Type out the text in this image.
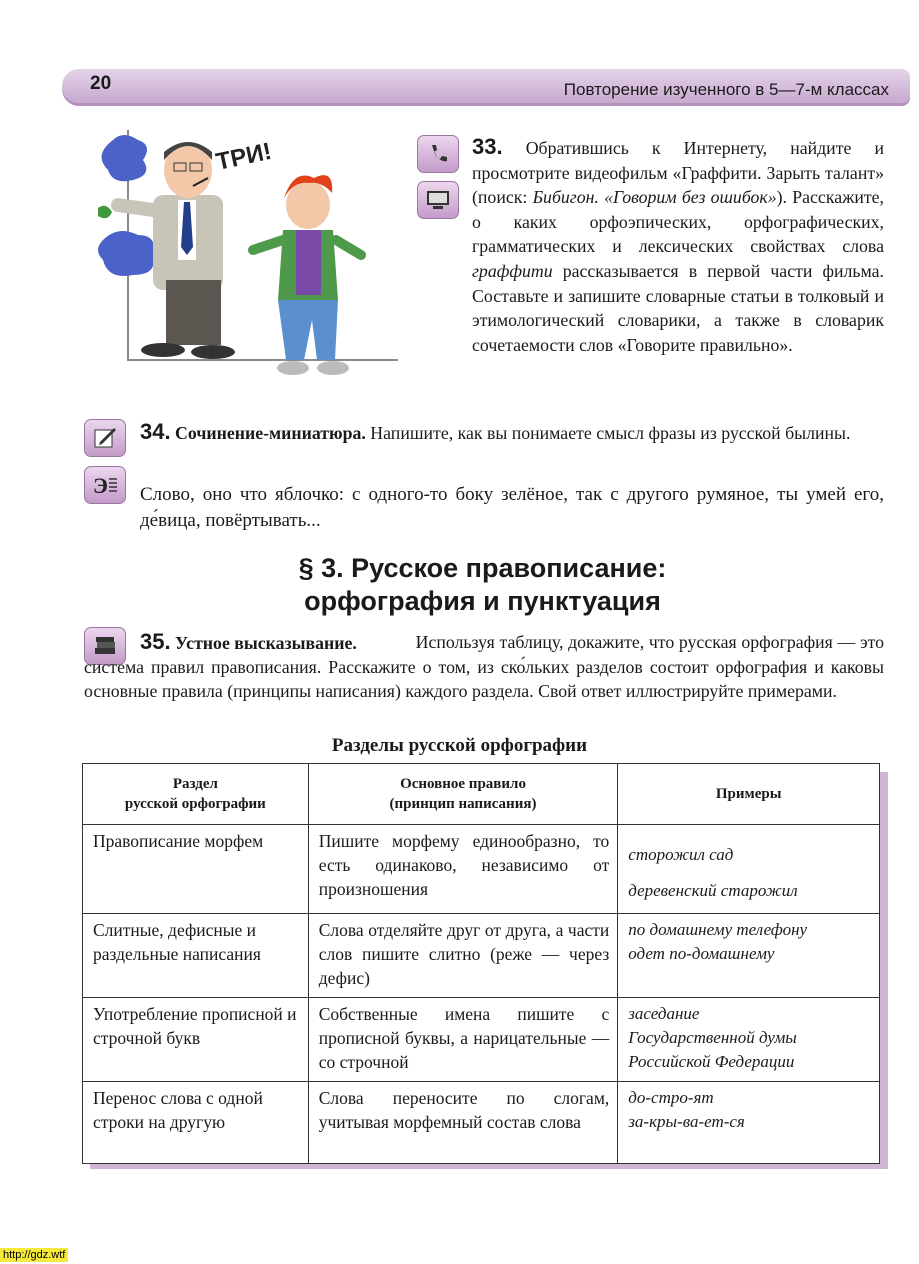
20	Повторение изученного в 5—7-м классах
ТРИ!
Э

33. Обратившись к Интернету, найдите и просмотрите видеофильм «Граффити. Зарыть талант» (поиск: Бибигон. «Говорим без ошибок»). Расскажите, о каких орфоэпических, орфографических, грамматических и лексических свойствах слова граффити рассказывается в первой части фильма. Составьте и запишите словарные статьи в толковый и этимологический словарики, а также в словарик сочетаемости слов «Говорите правильно».

34. Сочинение-миниатюра. Напишите, как вы понимаете смысл фразы из русской былины.

Слово, оно что яблочко: с одного-то боку зелёное, так с другого румяное, ты умей его, де́вица, повёртывать...

§ 3. Русское правописание:
орфография и пунктуация

35. Устное высказывание.	Используя таблицу, докажите, что русская орфография — это система правил правописания. Расскажите о том, из ско́льких разделов состоит орфография и каковы основные правила (принципы написания) каждого раздела. Свой ответ иллюстрируйте примерами.

Разделы русской орфографии
Раздел
русской орфографии	Основное правило
(принцип написания)	Примеры
Правописание морфем	Пишите морфему единообразно, то есть одинаково, независимо от произношения	сторожил сад
деревенский старожил

Слитные, дефисные и раздельные написания	Слова отделяйте друг от друга, а части слов пишите слитно (реже — через дефис)	по домашнему телефону
одет по-домашнему

Употребление прописной и строчной букв	Собственные имена пишите с прописной буквы, а нарицательные — со строчной	заседание
Государственной думы Российской Федерации

Перенос слова с одной строки на другую	Слова переносите по слогам, учитывая морфемный состав слова	до-стро-ят
за-кры-ва-ет-ся
http://gdz.wtf
